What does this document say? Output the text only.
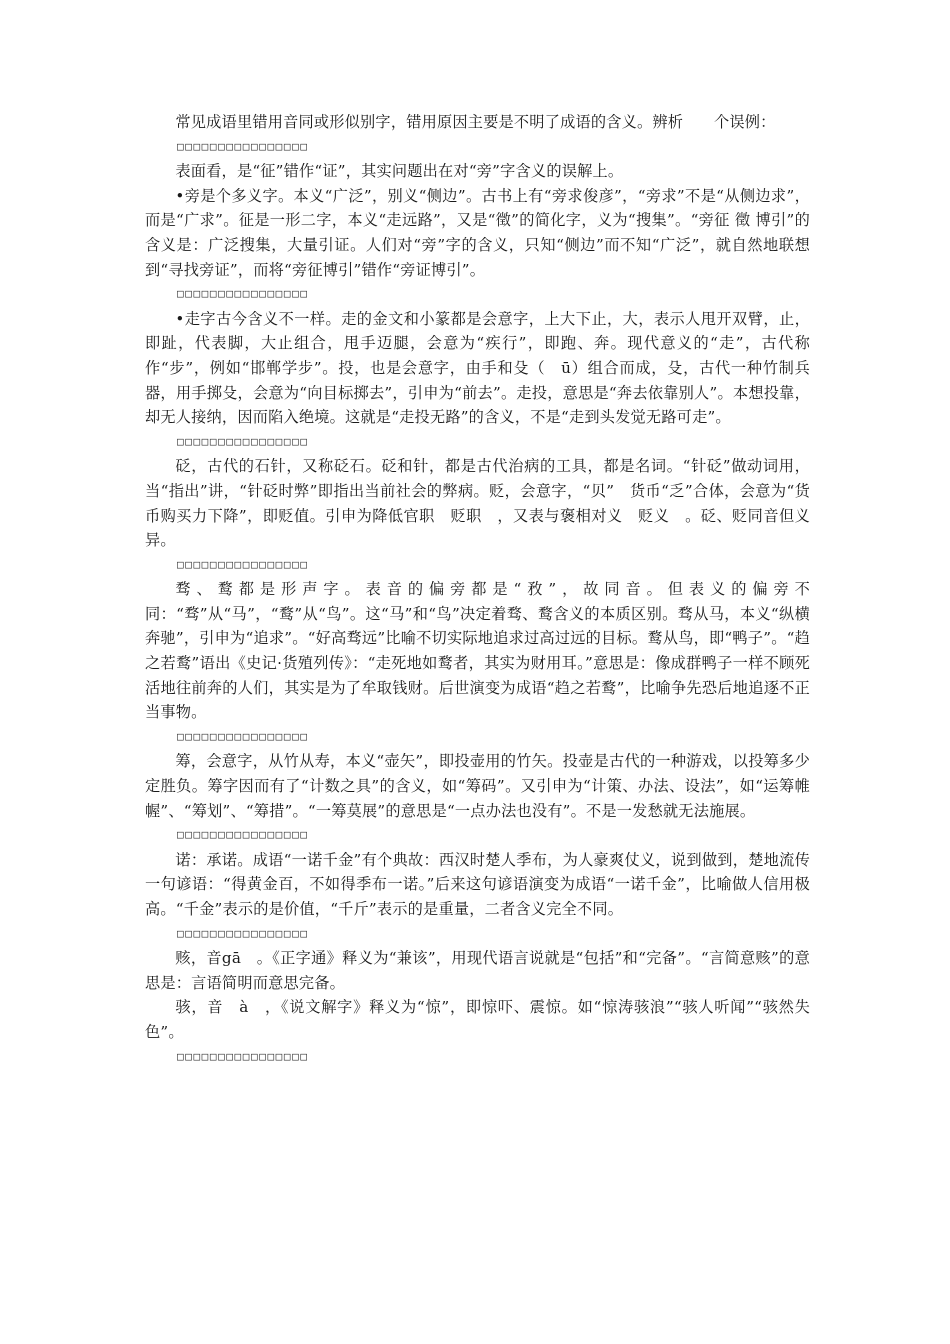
常见成语里错用音同或形似别字，错用原因主要是不明了成语的含义。辨析　　个误例：

□□□□□□□□□□□□□□□□

表面看，是“征”错作“证”，其实问题出在对“旁”字含义的误解上。

•旁是个多义字。本义“广泛”，别义“侧边”。古书上有“旁求俊彦”，“旁求”不是“从侧边求”，而是“广求”。征是一形二字，本义“走远路”，又是“徵”的简化字，义为“搜集”。“旁征 徵 博引”的含义是：广泛搜集，大量引证。人们对“旁”字的含义，只知“侧边”而不知“广泛”，就自然地联想到“寻找旁证”，而将“旁征博引”错作“旁证博引”。

□□□□□□□□□□□□□□□□

•走字古今含义不一样。走的金文和小篆都是会意字，上大下止，大，表示人甩开双臂，止，即趾，代表脚，大止组合，甩手迈腿，会意为“疾行”，即跑、奔。现代意义的“走”，古代称作“步”，例如“邯郸学步”。投，也是会意字，由手和殳（　ū）组合而成，殳，古代一种竹制兵器，用手掷殳，会意为“向目标掷去”，引申为“前去”。走投，意思是“奔去依靠别人”。本想投靠，却无人接纳，因而陷入绝境。这就是“走投无路”的含义，不是“走到头发觉无路可走”。

□□□□□□□□□□□□□□□□

砭，古代的石针，又称砭石。砭和针，都是古代治病的工具，都是名词。“针砭”做动词用，当“指出”讲，“针砭时弊”即指出当前社会的弊病。贬，会意字，“贝”　货币“乏”合体，会意为“货币购买力下降”，即贬值。引申为降低官职　贬职　，又表与褒相对义　贬义　。砭、贬同音但义异。

□□□□□□□□□□□□□□□□

骛、鹜都是形声字。表音的偏旁都是“敄”，故同音。但表义的偏旁不同：“骛”从“马”，“鹜”从“鸟”。这“马”和“鸟”决定着骛、鹜含义的本质区别。骛从马，本义“纵横奔驰”，引申为“追求”。“好高骛远”比喻不切实际地追求过高过远的目标。鹜从鸟，即“鸭子”。“趋之若鹜”语出《史记·货殖列传》：“走死地如鹜者，其实为财用耳。”意思是：像成群鸭子一样不顾死活地往前奔的人们，其实是为了牟取钱财。后世演变为成语“趋之若鹜”，比喻争先恐后地追逐不正当事物。

□□□□□□□□□□□□□□□□

筹，会意字，从竹从寿，本义“壶矢”，即投壶用的竹矢。投壶是古代的一种游戏，以投筹多少定胜负。筹字因而有了“计数之具”的含义，如“筹码”。又引申为“计策、办法、设法”，如“运筹帷幄”、“筹划”、“筹措”。“一筹莫展”的意思是“一点办法也没有”。不是一发愁就无法施展。

□□□□□□□□□□□□□□□□

诺：承诺。成语“一诺千金”有个典故：西汉时楚人季布，为人豪爽仗义，说到做到，楚地流传一句谚语：“得黄金百，不如得季布一诺。”后来这句谚语演变为成语“一诺千金”，比喻做人信用极高。“千金”表示的是价值，“千斤”表示的是重量，二者含义完全不同。

□□□□□□□□□□□□□□□□

赅，音gā　。《正字通》释义为“兼该”，用现代语言说就是“包括”和“完备”。“言简意赅”的意思是：言语简明而意思完备。

骇，音　à　，《说文解字》释义为“惊”，即惊吓、震惊。如“惊涛骇浪”“骇人听闻”“骇然失色”。

□□□□□□□□□□□□□□□□
